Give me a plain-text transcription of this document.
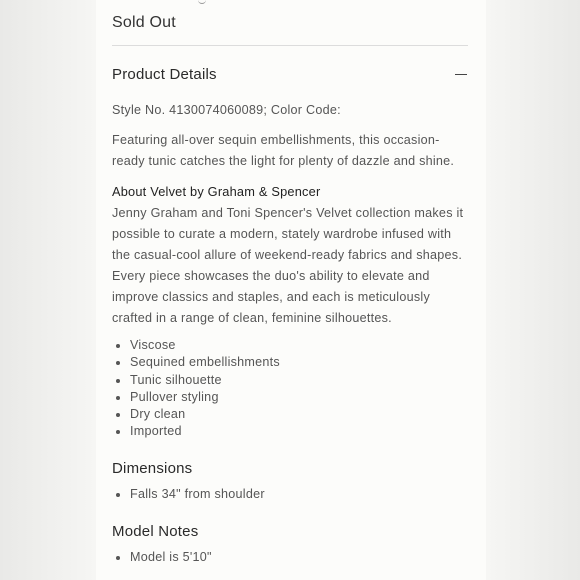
Sold Out
Product Details
Style No. 4130074060089; Color Code:
Featuring all-over sequin embellishments, this occasion-ready tunic catches the light for plenty of dazzle and shine.
About Velvet by Graham & Spencer
Jenny Graham and Toni Spencer's Velvet collection makes it possible to curate a modern, stately wardrobe infused with the casual-cool allure of weekend-ready fabrics and shapes. Every piece showcases the duo's ability to elevate and improve classics and staples, and each is meticulously crafted in a range of clean, feminine silhouettes.
• Viscose
• Sequined embellishments
• Tunic silhouette
• Pullover styling
• Dry clean
• Imported
Dimensions
• Falls 34" from shoulder
Model Notes
• Model is 5'10"
